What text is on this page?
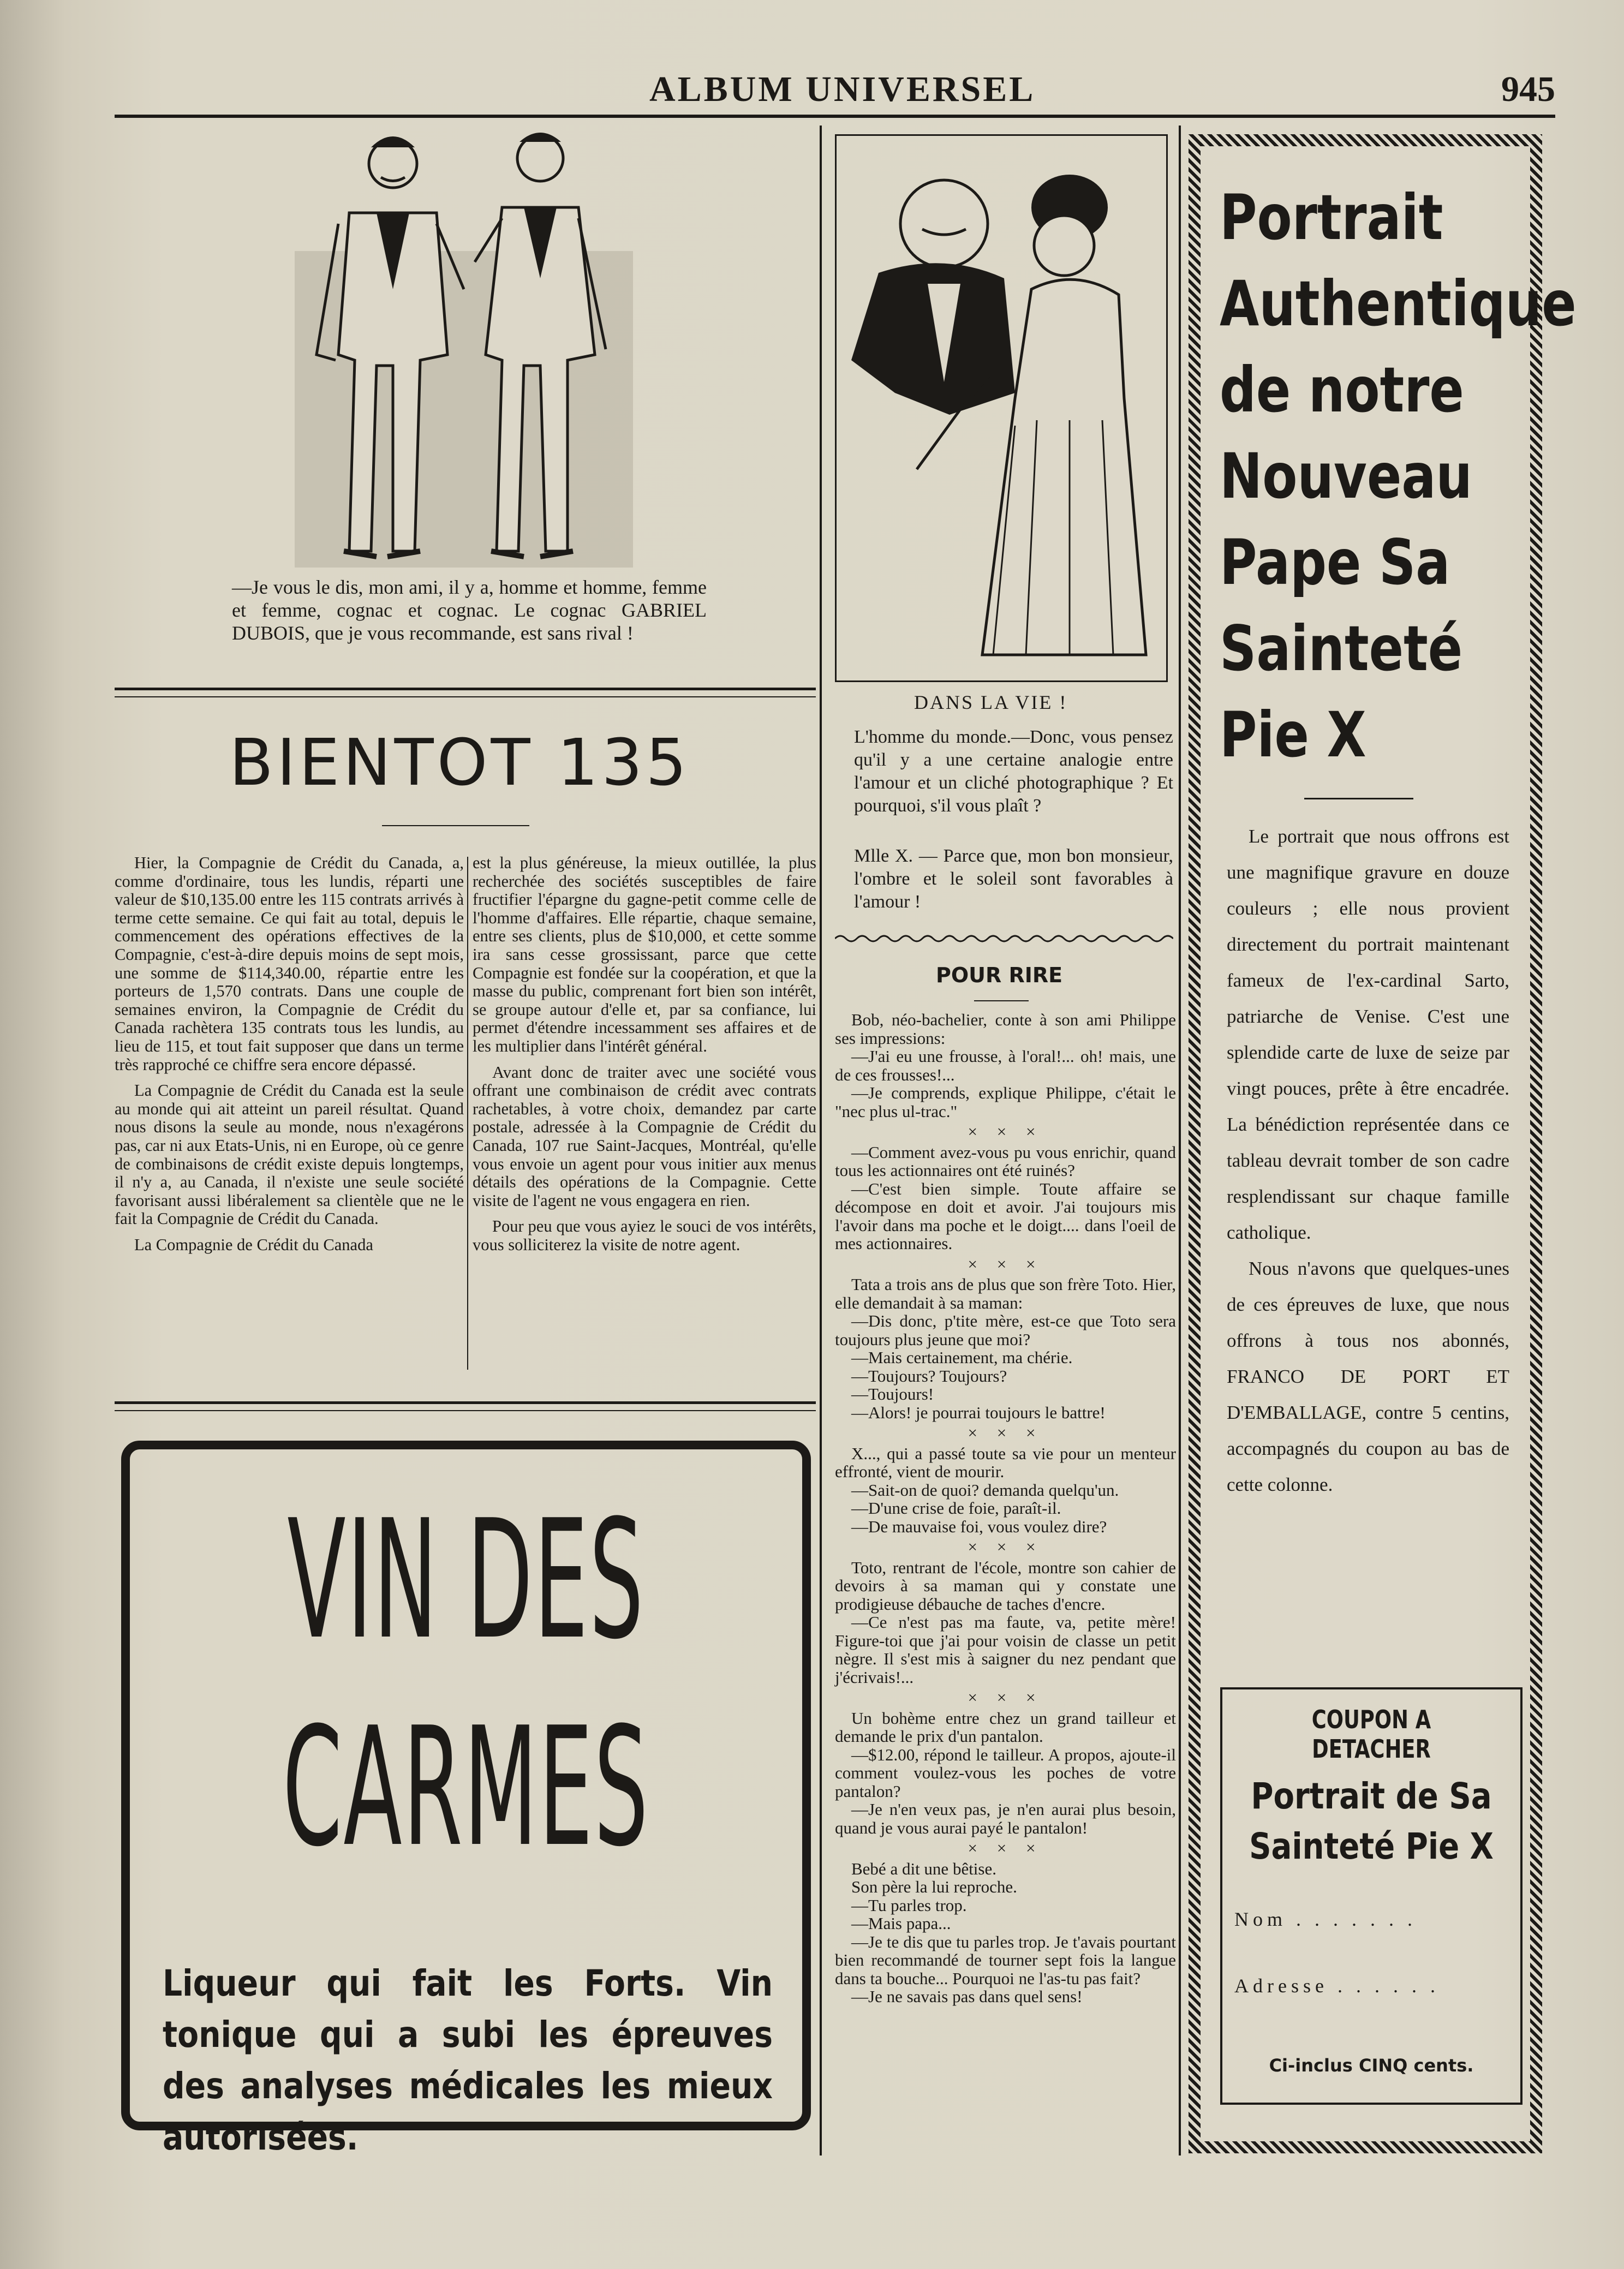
ALBUM UNIVERSEL	945
—Je vous le dis, mon ami, il y a, homme et homme, femme et femme, cognac et cognac. Le cognac GABRIEL DUBOIS, que je vous recommande, est sans rival !
BIENTOT 135

Hier, la Compagnie de Crédit du Canada, a, comme d'ordinaire, tous les lundis, réparti une valeur de $10,135.00 entre les 115 contrats arrivés à terme cette semaine. Ce qui fait au total, depuis le commencement des opérations effectives de la Compagnie, c'est-à-dire depuis moins de sept mois, une somme de $114,340.00, répartie entre les porteurs de 1,570 contrats. Dans une couple de semaines environ, la Compagnie de Crédit du Canada rachètera 135 contrats tous les lundis, au lieu de 115, et tout fait supposer que dans un terme très rapproché ce chiffre sera encore dépassé.

La Compagnie de Crédit du Canada est la seule au monde qui ait atteint un pareil résultat. Quand nous disons la seule au monde, nous n'exagérons pas, car ni aux Etats-Unis, ni en Europe, où ce genre de combinaisons de crédit existe depuis longtemps, il n'y a, au Canada, il n'existe une seule société favorisant aussi libéralement sa clientèle que ne le fait la Compagnie de Crédit du Canada.

La Compagnie de Crédit du Canada

est la plus généreuse, la mieux outillée, la plus recherchée des sociétés susceptibles de faire fructifier l'épargne du gagne-petit comme celle de l'homme d'affaires. Elle répartie, chaque semaine, entre ses clients, plus de $10,000, et cette somme ira sans cesse grossissant, parce que cette Compagnie est fondée sur la coopération, et que la masse du public, comprenant fort bien son intérêt, se groupe autour d'elle et, par sa confiance, lui permet d'étendre incessamment ses affaires et de les multiplier dans l'intérêt général.

Avant donc de traiter avec une société vous offrant une combinaison de crédit avec contrats rachetables, à votre choix, demandez par carte postale, adressée à la Compagnie de Crédit du Canada, 107 rue Saint-Jacques, Montréal, qu'elle vous envoie un agent pour vous initier aux menus détails des opérations de la Compagnie. Cette visite de l'agent ne vous engagera en rien.

Pour peu que vous ayiez le souci de vos intérêts, vous solliciterez la visite de notre agent.

VIN DES
CARMES
Liqueur qui fait les Forts. Vin tonique qui a subi les épreuves des analyses médicales les mieux autorisées.
DANS LA VIE !
L'homme du monde.—Donc, vous pensez qu'il y a une certaine analogie entre l'amour et un cliché photographique ? Et pourquoi, s'il vous plaît ?
Mlle X. — Parce que, mon bon monsieur, l'ombre et le soleil sont favorables à l'amour !
POUR RIRE

Bob, néo-bachelier, conte à son ami Philippe ses impressions:

—J'ai eu une frousse, à l'oral!... oh! mais, une de ces frousses!...

—Je comprends, explique Philippe, c'était le "nec plus ul-trac."

× × ×

—Comment avez-vous pu vous enrichir, quand tous les actionnaires ont été ruinés?

—C'est bien simple. Toute affaire se décompose en doit et avoir. J'ai toujours mis l'avoir dans ma poche et le doigt.... dans l'oeil de mes actionnaires.

× × ×

Tata a trois ans de plus que son frère Toto. Hier, elle demandait à sa maman:

—Dis donc, p'tite mère, est-ce que Toto sera toujours plus jeune que moi?

—Mais certainement, ma chérie.

—Toujours? Toujours?

—Toujours!

—Alors! je pourrai toujours le battre!

× × ×

X..., qui a passé toute sa vie pour un menteur effronté, vient de mourir.

—Sait-on de quoi? demanda quelqu'un.

—D'une crise de foie, paraît-il.

—De mauvaise foi, vous voulez dire?

× × ×

Toto, rentrant de l'école, montre son cahier de devoirs à sa maman qui y constate une prodigieuse débauche de taches d'encre.

—Ce n'est pas ma faute, va, petite mère! Figure-toi que j'ai pour voisin de classe un petit nègre. Il s'est mis à saigner du nez pendant que j'écrivais!...

× × ×

Un bohème entre chez un grand tailleur et demande le prix d'un pantalon.

—$12.00, répond le tailleur. A propos, ajoute-il comment voulez-vous les poches de votre pantalon?

—Je n'en veux pas, je n'en aurai plus besoin, quand je vous aurai payé le pantalon!

× × ×

Bebé a dit une bêtise.

Son père la lui reproche.

—Tu parles trop.

—Mais papa...

—Je te dis que tu parles trop. Je t'avais pourtant bien recommandé de tourner sept fois la langue dans ta bouche... Pourquoi ne l'as-tu pas fait?

—Je ne savais pas dans quel sens!

Portrait
Authentique
de notre
Nouveau
Pape Sa
Sainteté
Pie X

Le portrait que nous offrons est une magnifique gravure en douze couleurs ; elle nous provient directement du portrait maintenant fameux de l'ex-cardinal Sarto, patriarche de Venise. C'est une splendide carte de luxe de seize par vingt pouces, prête à être encadrée. La bénédiction représentée dans ce tableau devrait tomber de son cadre resplendissant sur chaque famille catholique.

Nous n'avons que quelques-unes de ces épreuves de luxe, que nous offrons à tous nos abonnés, FRANCO DE PORT ET D'EMBALLAGE, contre 5 centins, accompagnés du coupon au bas de cette colonne.

COUPON A DETACHER
Portrait de Sa
Sainteté Pie X
Nom . . . . . . .
Adresse . . . . . .
Ci-inclus CINQ cents.
